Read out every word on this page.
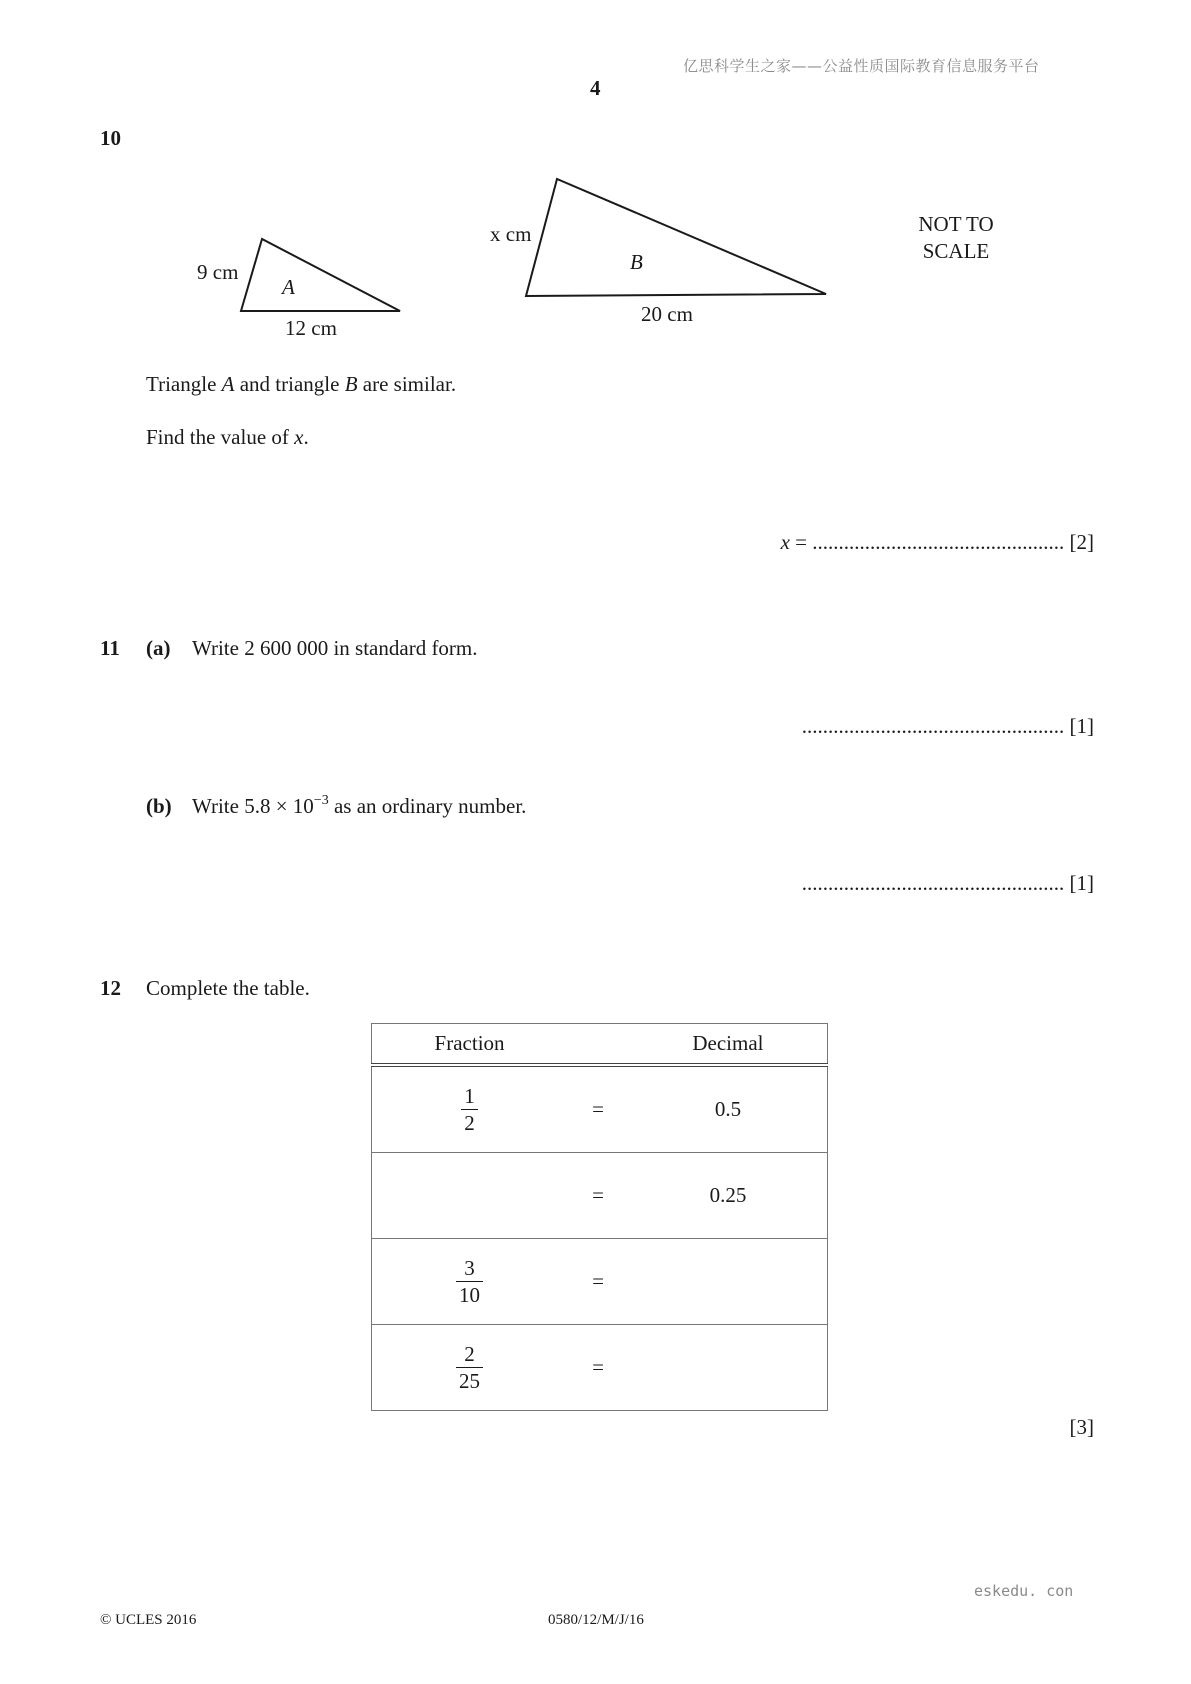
亿思科学生之家——公益性质国际教育信息服务平台
4
10
9 cm
A
12 cm
x cm
B
20 cm
NOT TO
SCALE
Triangle A and triangle B are similar.
Find the value of x.
x = ................................................ [2]
11 (a) Write 2 600 000 in standard form.
.................................................. [1]
(b) Write $5.8 \times 10^{-3}$ as an ordinary number.
.................................................. [1]
12 Complete the table.
Fraction		Decimal

$\frac{1}{2}$	=	0.5
	=	0.25

$\frac{3}{10}$	=	

$\frac{2}{25}$	=	
[3]
eskedu. con
© UCLES 2016	0580/12/M/J/16
